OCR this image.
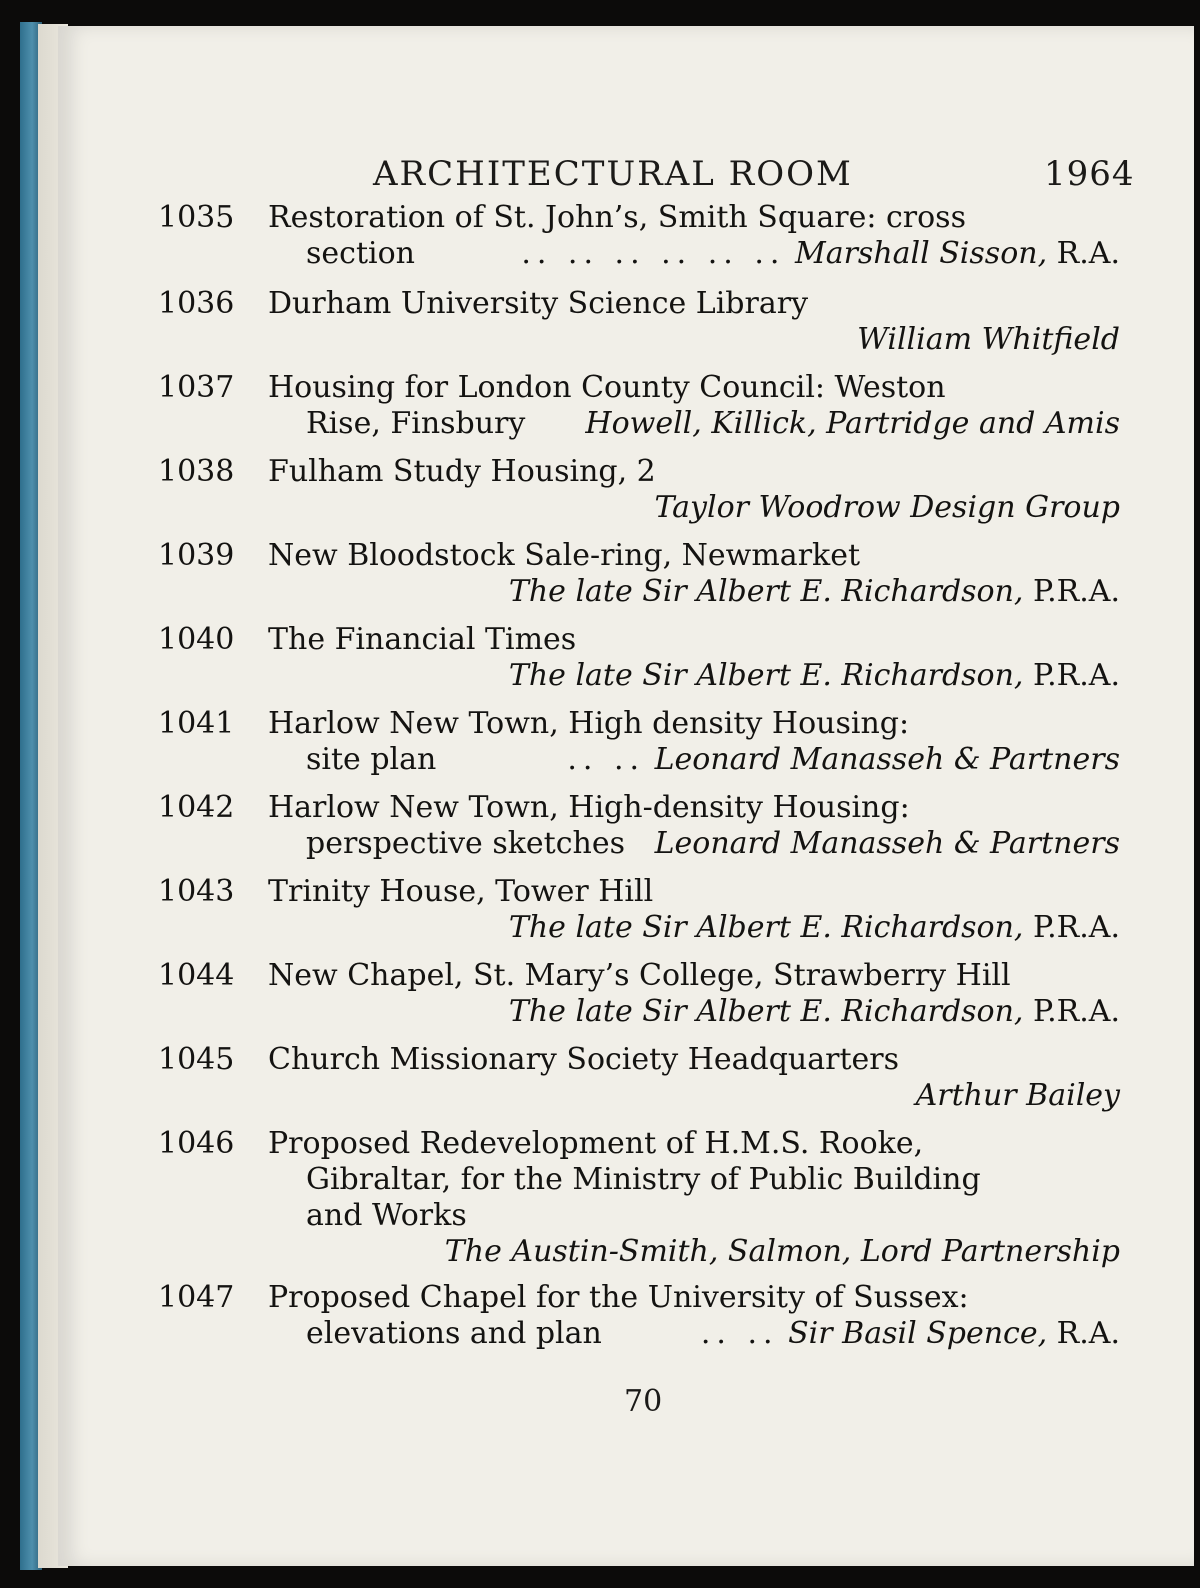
ARCHITECTURAL ROOM	1964
1035 Restoration of St. John’s, Smith Square: cross
section	.. .. .. .. .. .. Marshall Sisson, R.A.
1036 Durham University Science Library
William Whitfield
1037 Housing for London County Council: Weston
Rise, Finsbury Howell, Killick, Partridge and Amis
1038 Fulham Study Housing, 2
Taylor Woodrow Design Group
1039 New Bloodstock Sale-ring, Newmarket
The late Sir Albert E. Richardson, P.R.A.
1040 The Financial Times
The late Sir Albert E. Richardson, P.R.A.
1041 Harlow New Town, High density Housing:
site plan	.. .. Leonard Manasseh & Partners
1042 Harlow New Town, High-density Housing:
perspective sketches Leonard Manasseh & Partners
1043 Trinity House, Tower Hill
The late Sir Albert E. Richardson, P.R.A.
1044 New Chapel, St. Mary’s College, Strawberry Hill
The late Sir Albert E. Richardson, P.R.A.
1045 Church Missionary Society Headquarters
Arthur Bailey
1046 Proposed Redevelopment of H.M.S. Rooke,
Gibraltar, for the Ministry of Public Building
and Works
The Austin-Smith, Salmon, Lord Partnership
1047 Proposed Chapel for the University of Sussex:
elevations and plan	.. .. Sir Basil Spence, R.A.
70
